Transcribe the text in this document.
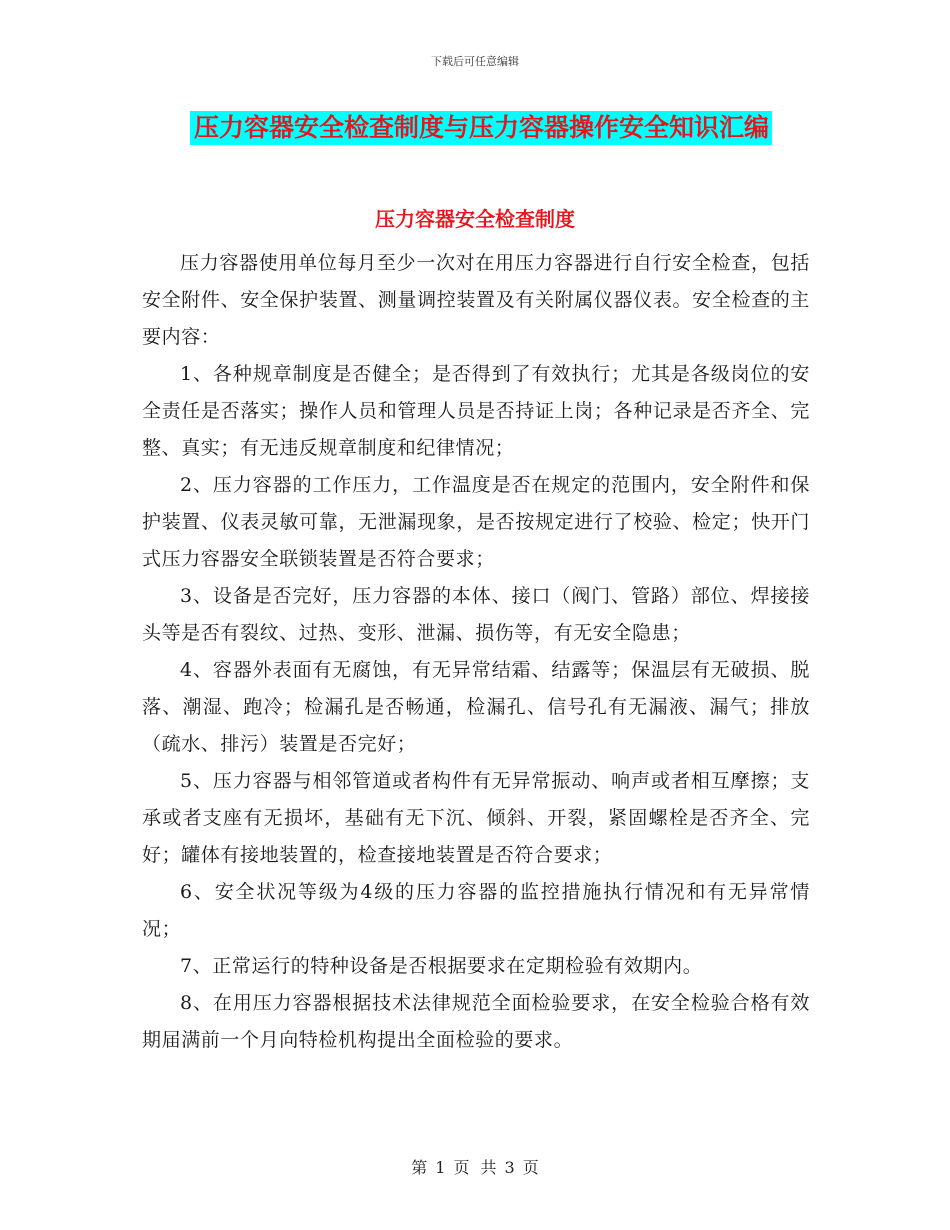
下载后可任意编辑
压力容器安全检查制度与压力容器操作安全知识汇编
压力容器安全检查制度

压力容器使用单位每月至少一次对在用压力容器进行自行安全检查，包括安全附件、安全保护装置、测量调控装置及有关附属仪器仪表。安全检查的主要内容：

1、各种规章制度是否健全；是否得到了有效执行；尤其是各级岗位的安全责任是否落实；操作人员和管理人员是否持证上岗；各种记录是否齐全、完整、真实；有无违反规章制度和纪律情况；

2、压力容器的工作压力，工作温度是否在规定的范围内，安全附件和保护装置、仪表灵敏可靠，无泄漏现象，是否按规定进行了校验、检定；快开门式压力容器安全联锁装置是否符合要求；

3、设备是否完好，压力容器的本体、接口（阀门、管路）部位、焊接接头等是否有裂纹、过热、变形、泄漏、损伤等，有无安全隐患；

4、容器外表面有无腐蚀，有无异常结霜、结露等；保温层有无破损、脱落、潮湿、跑冷；检漏孔是否畅通，检漏孔、信号孔有无漏液、漏气；排放（疏水、排污）装置是否完好；

5、压力容器与相邻管道或者构件有无异常振动、响声或者相互摩擦；支承或者支座有无损坏，基础有无下沉、倾斜、开裂，紧固螺栓是否齐全、完好；罐体有接地装置的，检查接地装置是否符合要求；

6、安全状况等级为4级的压力容器的监控措施执行情况和有无异常情况；

7、正常运行的特种设备是否根据要求在定期检验有效期内。

8、在用压力容器根据技术法律规范全面检验要求，在安全检验合格有效期届满前一个月向特检机构提出全面检验的要求。

第 1 页 共 3 页
